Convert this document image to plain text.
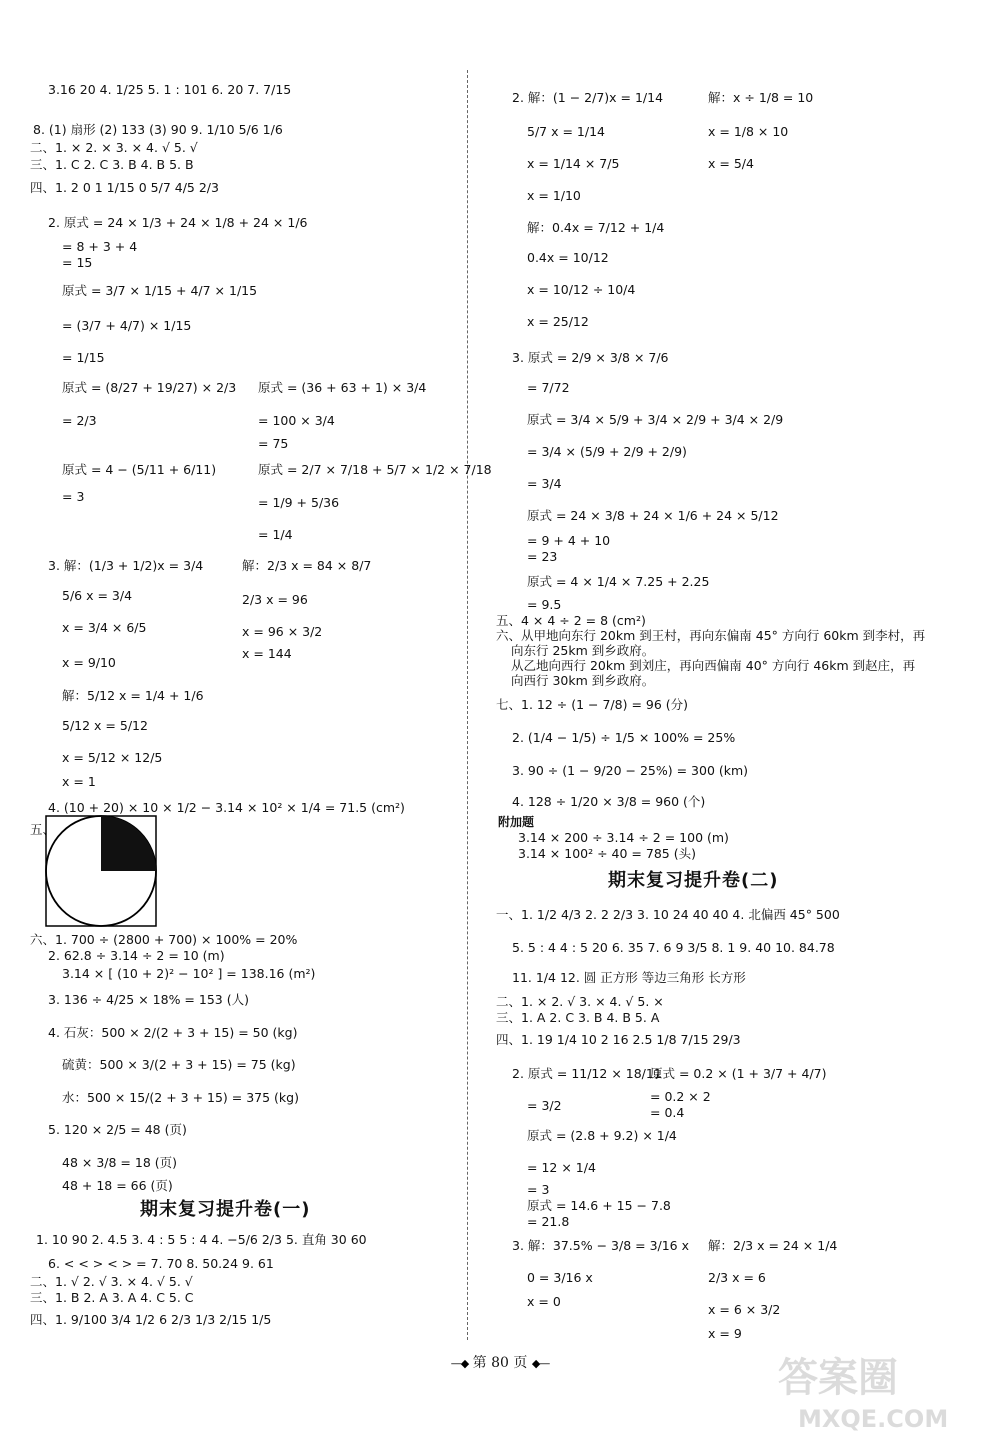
3.16 20 4. 1/25 5. 1 : 101 6. 20 7. 7/15
8. (1) 扇形 (2) 133 (3) 90 9. 1/10 5/6 1/6
二、1. × 2. × 3. × 4. √ 5. √
三、1. C 2. C 3. B 4. B 5. B
四、1. 2 0 1 1/15 0 5/7 4/5 2/3
2. 原式 = 24 × 1/3 + 24 × 1/8 + 24 × 1/6
= 8 + 3 + 4
= 15
原式 = 3/7 × 1/15 + 4/7 × 1/15
= (3/7 + 4/7) × 1/15
= 1/15
原式 = (8/27 + 19/27) × 2/3
= 2/3
原式 = 4 − (5/11 + 6/11)
= 3
原式 = (36 + 63 + 1) × 3/4
= 100 × 3/4
= 75
原式 = 2/7 × 7/18 + 5/7 × 1/2 × 7/18
= 1/9 + 5/36
= 1/4
3. 解：(1/3 + 1/2)x = 3/4
5/6 x = 3/4
x = 3/4 × 6/5
x = 9/10
解：5/12 x = 1/4 + 1/6
5/12 x = 5/12
x = 5/12 × 12/5
x = 1
解：2/3 x = 84 × 8/7
2/3 x = 96
x = 96 × 3/2
x = 144
4. (10 + 20) × 10 × 1/2 − 3.14 × 10² × 1/4 = 71.5 (cm²)
五、
六、1. 700 ÷ (2800 + 700) × 100% = 20%
2. 62.8 ÷ 3.14 ÷ 2 = 10 (m)
3.14 × [ (10 + 2)² − 10² ] = 138.16 (m²)
3. 136 ÷ 4/25 × 18% = 153 (人)
4. 石灰：500 × 2/(2 + 3 + 15) = 50 (kg)
硫黄：500 × 3/(2 + 3 + 15) = 75 (kg)
水：500 × 15/(2 + 3 + 15) = 375 (kg)
5. 120 × 2/5 = 48 (页)
48 × 3/8 = 18 (页)
48 + 18 = 66 (页)
1. 10 90 2. 4.5 3. 4 : 5 5 : 4 4. −5/6 2/3 5. 直角 30 60
6. < < > < > = 7. 70 8. 50.24 9. 61
二、1. √ 2. √ 3. × 4. √ 5. √
三、1. B 2. A 3. A 4. C 5. C
四、1. 9/100 3/4 1/2 6 2/3 1/3 2/15 1/5
2. 解：(1 − 2/7)x = 1/14
5/7 x = 1/14
x = 1/14 × 7/5
x = 1/10
解：0.4x = 7/12 + 1/4
0.4x = 10/12
x = 10/12 ÷ 10/4
x = 25/12
解：x ÷ 1/8 = 10
x = 1/8 × 10
x = 5/4
3. 原式 = 2/9 × 3/8 × 7/6
= 7/72
原式 = 3/4 × 5/9 + 3/4 × 2/9 + 3/4 × 2/9
= 3/4 × (5/9 + 2/9 + 2/9)
= 3/4
原式 = 24 × 3/8 + 24 × 1/6 + 24 × 5/12
= 9 + 4 + 10
= 23
原式 = 4 × 1/4 × 7.25 + 2.25
= 9.5
五、4 × 4 ÷ 2 = 8 (cm²)
六、从甲地向东行 20km 到王村，再向东偏南 45° 方向行 60km 到李村，再
向东行 25km 到乡政府。
从乙地向西行 20km 到刘庄，再向西偏南 40° 方向行 46km 到赵庄，再
向西行 30km 到乡政府。
七、1. 12 ÷ (1 − 7/8) = 96 (分)
2. (1/4 − 1/5) ÷ 1/5 × 100% = 25%
3. 90 ÷ (1 − 9/20 − 25%) = 300 (km)
4. 128 ÷ 1/20 × 3/8 = 960 (个)
3.14 × 200 ÷ 3.14 ÷ 2 = 100 (m)
3.14 × 100² ÷ 40 = 785 (头)
一、1. 1/2 4/3 2. 2 2/3 3. 10 24 40 40 4. 北偏西 45° 500
5. 5 : 4 4 : 5 20 6. 35 7. 6 9 3/5 8. 1 9. 40 10. 84.78
11. 1/4 12. 圆 正方形 等边三角形 长方形
二、1. × 2. √ 3. × 4. √ 5. ×
三、1. A 2. C 3. B 4. B 5. A
四、1. 19 1/4 10 2 16 2.5 1/8 7/15 29/3
2. 原式 = 11/12 × 18/11
= 3/2
原式 = (2.8 + 9.2) × 1/4
= 12 × 1/4
= 3
原式 = 14.6 + 15 − 7.8
= 21.8
原式 = 0.2 × (1 + 3/7 + 4/7)
= 0.2 × 2
= 0.4
3. 解：37.5% − 3/8 = 3/16 x
0 = 3/16 x
x = 0
解：2/3 x = 24 × 1/4
2/3 x = 6
x = 6 × 3/2
x = 9
期末复习提升卷(一)
附加题
期末复习提升卷(二)
—◆ 第 80 页 ◆—	答案圈
MXQE.COM
